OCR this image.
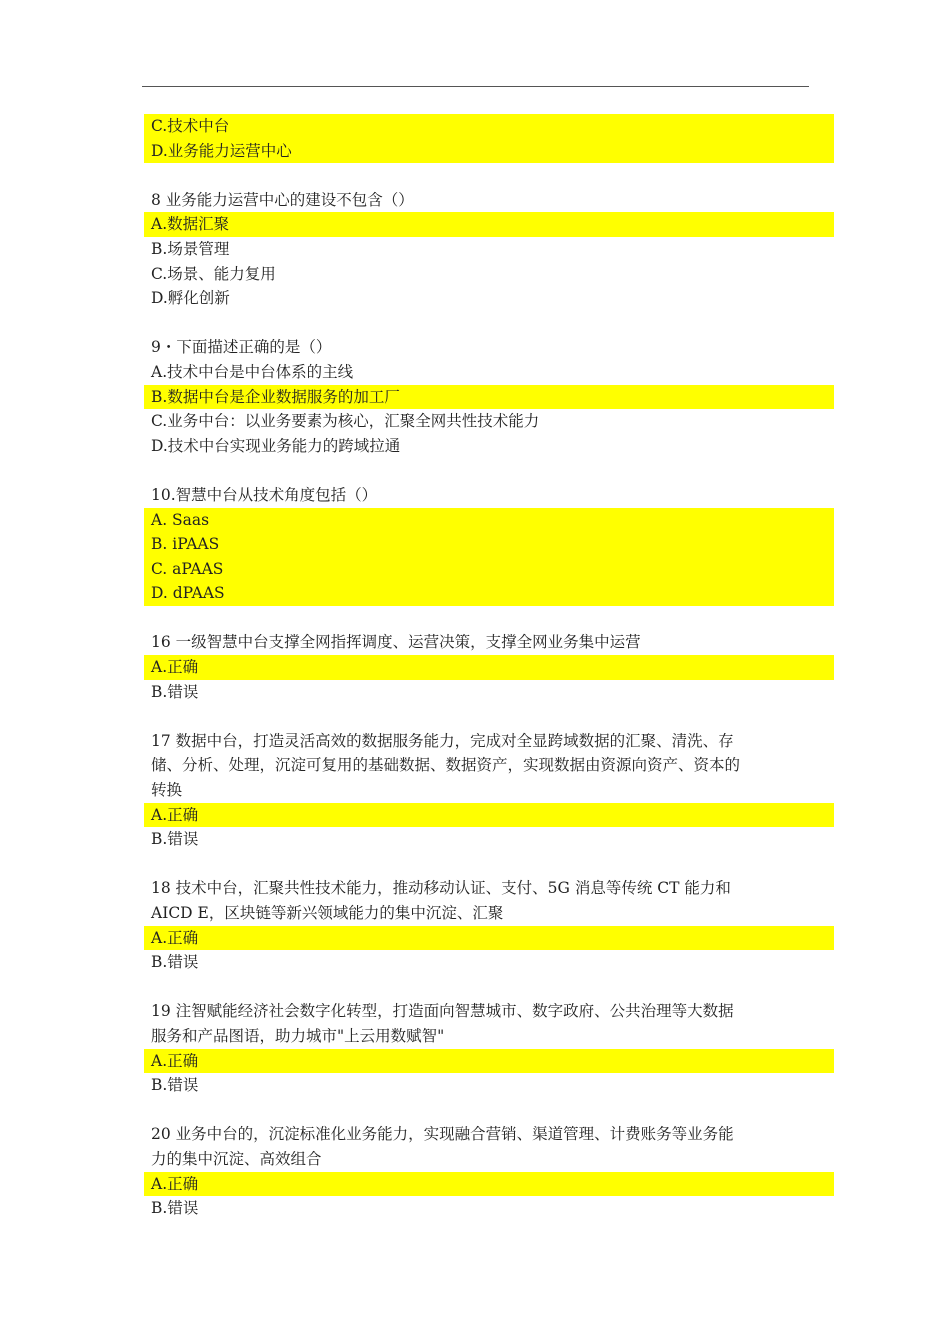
C.技术中台
D.业务能力运营中心
8 业务能力运营中心的建设不包含（）
A.数据汇聚
B.场景管理
C.场景、能力复用
D.孵化创新
9・下面描述正确的是（）
A.技术中台是中台体系的主线
B.数据中台是企业数据服务的加工厂
C.业务中台：以业务要素为核心，汇聚全网共性技术能力
D.技术中台实现业务能力的跨域拉通
10.智慧中台从技术角度包括（）
A. Saas
B. iPAAS
C. aPAAS
D. dPAAS
16 一级智慧中台支撑全网指挥调度、运营决策，支撑全网业务集中运营
A.正确
B.错误
17 数据中台，打造灵活高效的数据服务能力，完成对全显跨域数据的汇聚、清洗、存
储、分析、处理，沉淀可复用的基础数据、数据资产，实现数据由资源向资产、资本的
转换
A.正确
B.错误
18 技术中台，汇聚共性技术能力，推动移动认证、支付、5G 消息等传统 CT 能力和
AICD E，区块链等新兴领域能力的集中沉淀、汇聚
A.正确
B.错误
19 注智赋能经济社会数字化转型，打造面向智慧城市、数字政府、公共治理等大数据
服务和产品图语，助力城市"上云用数赋智"
A.正确
B.错误
20 业务中台的，沉淀标准化业务能力，实现融合营销、渠道管理、计费账务等业务能
力的集中沉淀、高效组合
A.正确
B.错误
